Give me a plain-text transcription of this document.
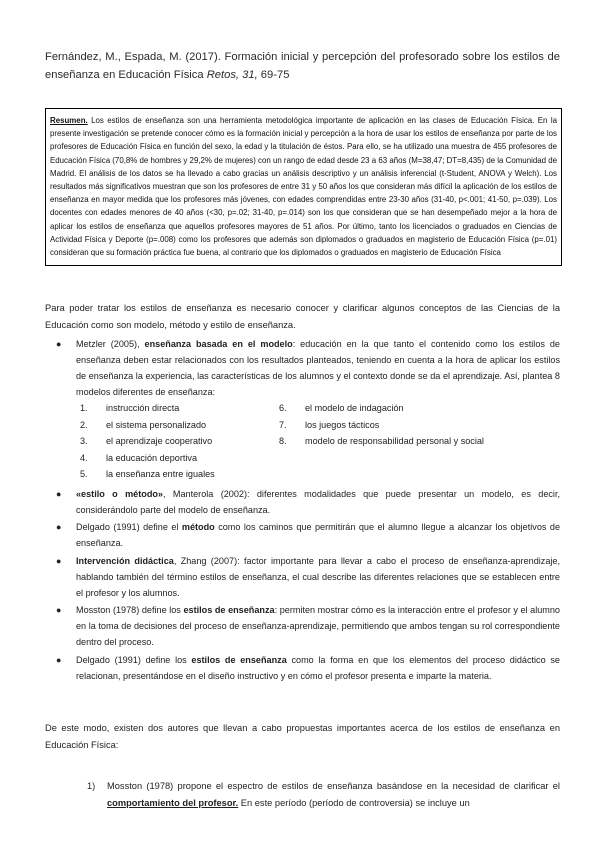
Fernández, M., Espada, M. (2017). Formación inicial y percepción del profesorado sobre los estilos de enseñanza en Educación Física Retos, 31, 69-75
Resumen. Los estilos de enseñanza son una herramienta metodológica importante de aplicación en las clases de Educación Física. En la presente investigación se pretende conocer cómo es la formación inicial y percepción a la hora de usar los estilos de enseñanza por parte de los profesores de Educación Física en función del sexo, la edad y la titulación de éstos. Para ello, se ha utilizado una muestra de 455 profesores de Educación Física (70,8% de hombres y 29,2% de mujeres) con un rango de edad desde 23 a 63 años (M=38,47; DT=8,435) de la Comunidad de Madrid. El análisis de los datos se ha llevado a cabo gracias un análisis descriptivo y un análisis inferencial (t-Student, ANOVA y Welch). Los resultados más significativos muestran que son los profesores de entre 31 y 50 años los que consideran más difícil la aplicación de los estilos de enseñanza en mayor medida que los profesores más jóvenes, con edades comprendidas entre 23-30 años (31-40, p<.001; 41-50, p=.039). Los docentes con edades menores de 40 años (<30, p=.02; 31-40, p=.014) son los que consideran que se han desempeñado mejor a la hora de aplicar los estilos de enseñanza que aquellos profesores mayores de 51 años. Por último, tanto los licenciados o graduados en Ciencias de Actividad Física y Deporte (p=.008) como los profesores que además son diplomados o graduados en magisterio de Educación Física (p=.01) consideran que su formación práctica fue buena, al contrario que los diplomados o graduados en magisterio de Educación Física
Para poder tratar los estilos de enseñanza es necesario conocer y clarificar algunos conceptos de las Ciencias de la Educación como son modelo, método y estilo de enseñanza.
● Metzler (2005), enseñanza basada en el modelo: educación en la que tanto el contenido como los estilos de enseñanza deben estar relacionados con los resultados planteados, teniendo en cuenta a la hora de aplicar los estilos de enseñanza la experiencia, las características de los alumnos y el contexto donde se da el aprendizaje. Así, plantea 8 modelos diferentes de enseñanza:
1. instrucción directa
2. el sistema personalizado
3. el aprendizaje cooperativo
4. la educación deportiva
5. la enseñanza entre iguales
6. el modelo de indagación
7. los juegos tácticos
8. modelo de responsabilidad personal y social
● «estilo o método», Manterola (2002): diferentes modalidades que puede presentar un modelo, es decir, considerándolo parte del modelo de enseñanza.
● Delgado (1991) define el método como los caminos que permitirán que el alumno llegue a alcanzar los objetivos de enseñanza.
● Intervención didáctica, Zhang (2007): factor importante para llevar a cabo el proceso de enseñanza-aprendizaje, hablando también del término estilos de enseñanza, el cual describe las diferentes relaciones que se establecen entre el profesor y los alumnos.
● Mosston (1978) define los estilos de enseñanza: permiten mostrar cómo es la interacción entre el profesor y el alumno en la toma de decisiones del proceso de enseñanza-aprendizaje, permitiendo que ambos tengan su rol correspondiente dentro del proceso.
● Delgado (1991) define los estilos de enseñanza como la forma en que los elementos del proceso didáctico se relacionan, presentándose en el diseño instructivo y en cómo el profesor presenta e imparte la materia.
De este modo, existen dos autores que llevan a cabo propuestas importantes acerca de los estilos de enseñanza en Educación Física:
1) Mosston (1978) propone el espectro de estilos de enseñanza basándose en la necesidad de clarificar el comportamiento del profesor. En este período (período de controversia) se incluye un
